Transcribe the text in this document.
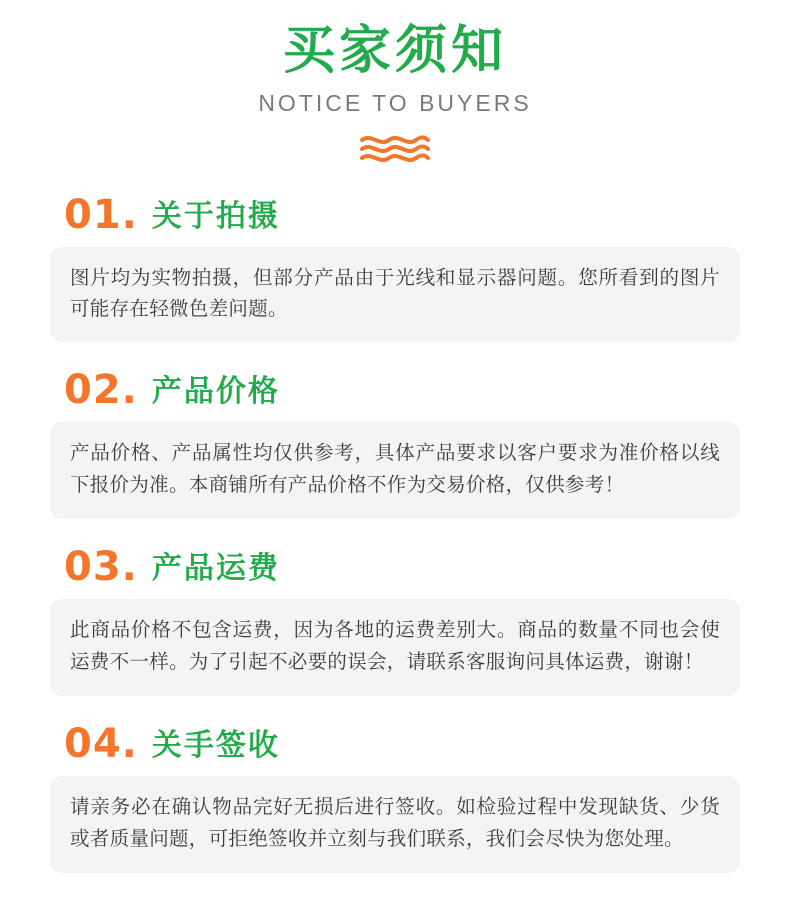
买家须知
NOTICE TO BUYERS
01. 关于拍摄
图片均为实物拍摄，但部分产品由于光线和显示器问题。您所看到的图片可能存在轻微色差问题。
02. 产品价格
产品价格、产品属性均仅供参考，具体产品要求以客户要求为准价格以线下报价为准。本商铺所有产品价格不作为交易价格，仅供参考！
03. 产品运费
此商品价格不包含运费，因为各地的运费差别大。商品的数量不同也会使运费不一样。为了引起不必要的误会，请联系客服询问具体运费，谢谢！
04. 关手签收
请亲务必在确认物品完好无损后进行签收。如检验过程中发现缺货、少货或者质量问题，可拒绝签收并立刻与我们联系，我们会尽快为您处理。
